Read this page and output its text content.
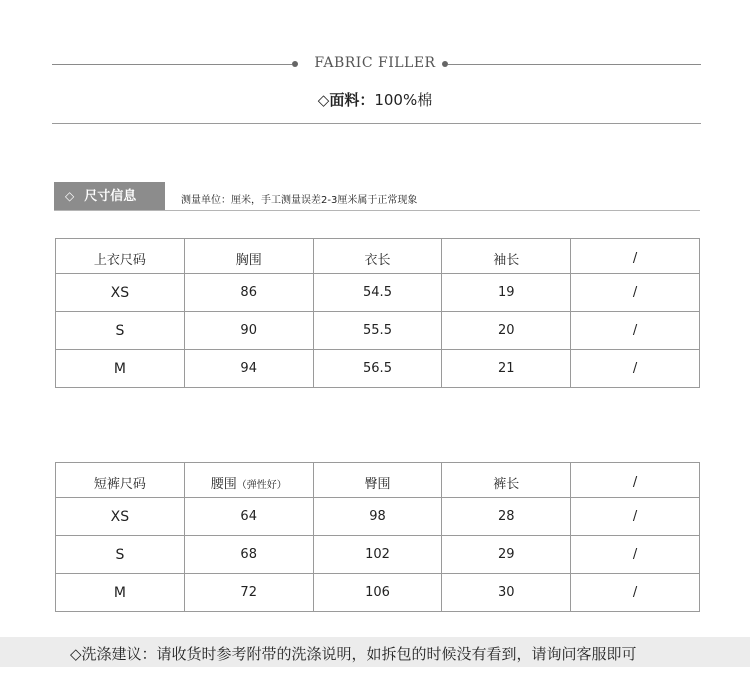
FABRIC FILLER
◇面料：100%棉
◇ 尺寸信息	测量单位：厘米，手工测量误差2-3厘米属于正常现象
上衣尺码	胸围	衣长	袖长	/
XS	86	54.5	19	/
S	90	55.5	20	/
M	94	56.5	21	/
短裤尺码	腰围（弹性好）	臀围	裤长	/
XS	64	98	28	/
S	68	102	29	/
M	72	106	30	/
◇洗涤建议：请收货时参考附带的洗涤说明，如拆包的时候没有看到，请询问客服即可
